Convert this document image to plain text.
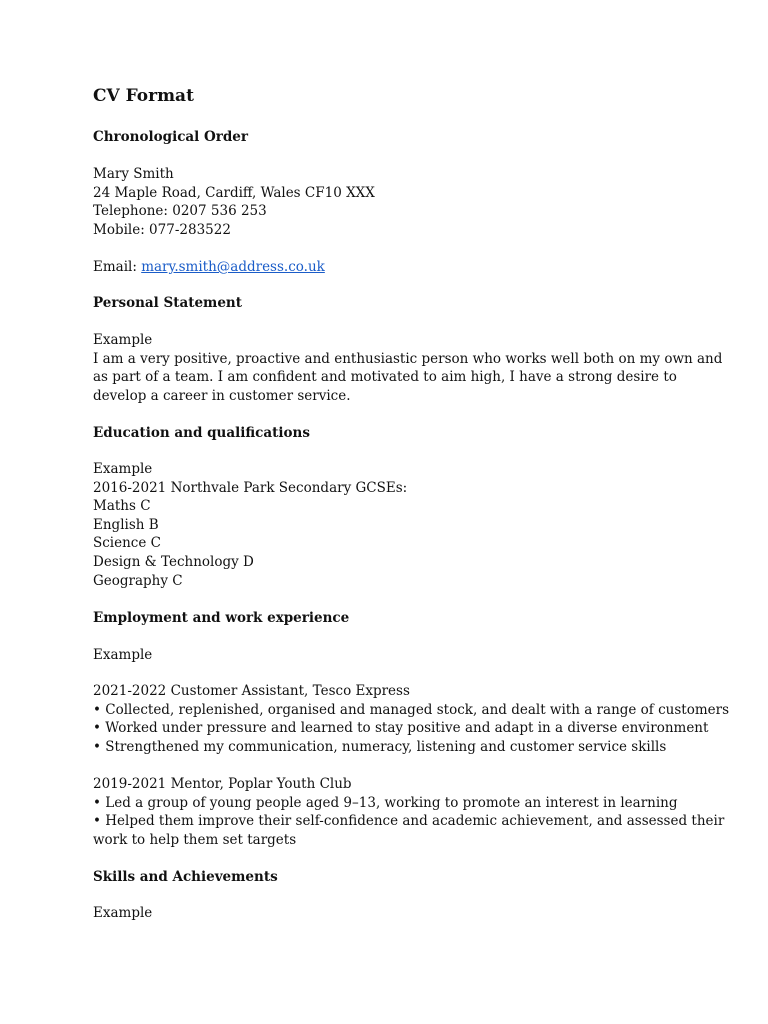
CV Format
Chronological Order
Mary Smith
24 Maple Road, Cardiff, Wales CF10 XXX
Telephone: 0207 536 253
Mobile: 077-283522
Email: mary.smith@address.co.uk
Personal Statement
Example
I am a very positive, proactive and enthusiastic person who works well both on my own and
as part of a team. I am confident and motivated to aim high, I have a strong desire to
develop a career in customer service.
Education and qualifications
Example
2016-2021 Northvale Park Secondary GCSEs:
Maths C
English B
Science C
Design & Technology D
Geography C
Employment and work experience
Example
2021-2022 Customer Assistant, Tesco Express
• Collected, replenished, organised and managed stock, and dealt with a range of customers
• Worked under pressure and learned to stay positive and adapt in a diverse environment
• Strengthened my communication, numeracy, listening and customer service skills
2019-2021 Mentor, Poplar Youth Club
• Led a group of young people aged 9–13, working to promote an interest in learning
• Helped them improve their self-confidence and academic achievement, and assessed their
work to help them set targets
Skills and Achievements
Example
